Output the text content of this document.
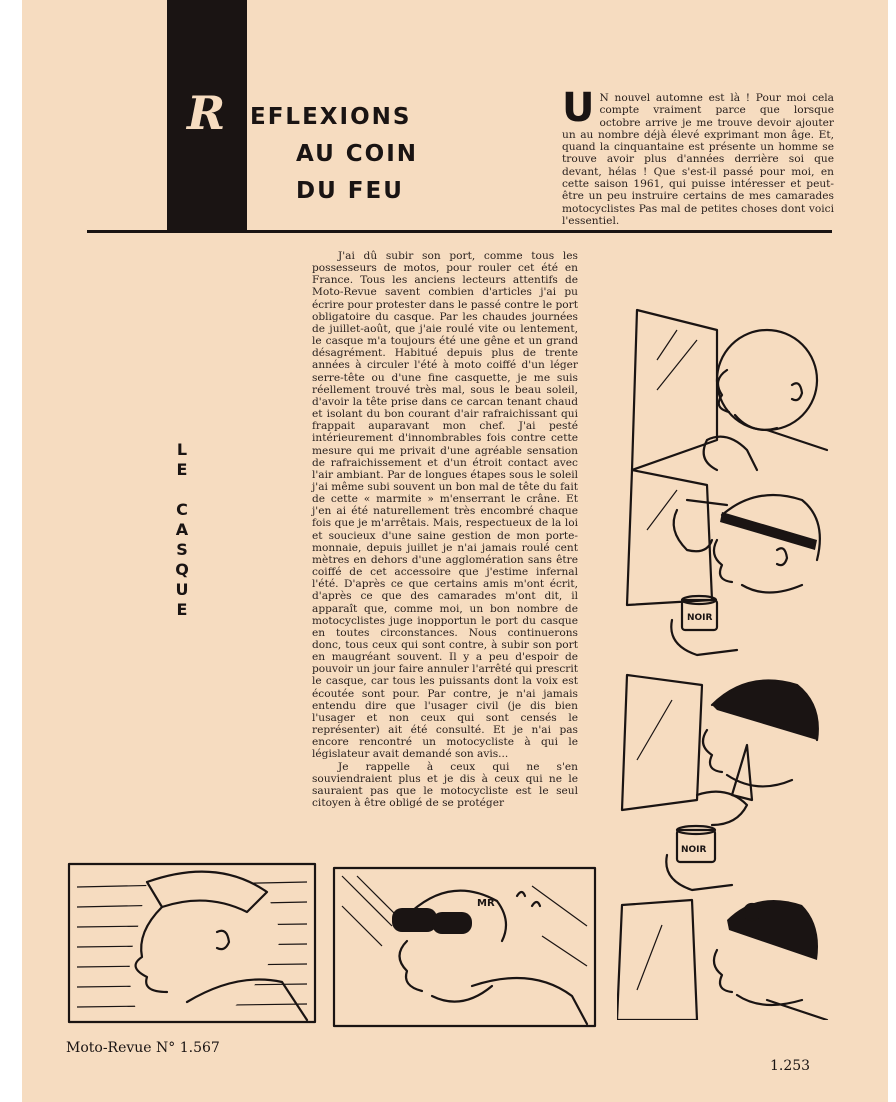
R EFLEXIONS
AU COIN
DU FEU
U N nouvel automne est là ! Pour moi cela compte vraiment parce que lorsque octobre arrive je me trouve devoir ajouter un au nombre déjà élevé exprimant mon âge. Et, quand la cinquantaine est présente un homme se trouve avoir plus d'années derrière soi que devant, hélas ! Que s'est-il passé pour moi, en cette saison 1961, qui puisse intéresser et peut-être un peu instruire certains de mes camarades motocyclistes Pas mal de petites choses dont voici l'essentiel.
L
E

C
A
S
Q
U
E
J'ai dû subir son port, comme tous les possesseurs de motos, pour rouler cet été en France. Tous les anciens lecteurs attentifs de Moto-Revue savent combien d'articles j'ai pu écrire pour protester dans le passé contre le port obligatoire du casque. Par les chaudes journées de juillet-août, que j'aie roulé vite ou lentement, le casque m'a toujours été une gêne et un grand désagrément. Habitué depuis plus de trente années à circuler l'été à moto coiffé d'un léger serre-tête ou d'une fine casquette, je me suis réellement trouvé très mal, sous le beau soleil, d'avoir la tête prise dans ce carcan tenant chaud et isolant du bon courant d'air rafraichissant qui frappait auparavant mon chef. J'ai pesté intérieurement d'innombrables fois contre cette mesure qui me privait d'une agréable sensation de rafraichissement et d'un étroit contact avec l'air ambiant. Par de longues étapes sous le soleil j'ai même subi souvent un bon mal de tête du fait de cette « marmite » m'enserrant le crâne. Et j'en ai été naturellement très encombré chaque fois que je m'arrêtais. Mais, respectueux de la loi et soucieux d'une saine gestion de mon porte-monnaie, depuis juillet je n'ai jamais roulé cent mètres en dehors d'une agglomération sans être coiffé de cet accessoire que j'estime infernal l'été. D'après ce que certains amis m'ont écrit, d'après ce que des camarades m'ont dit, il apparaît que, comme moi, un bon nombre de motocyclistes juge inopportun le port du casque en toutes circonstances. Nous continuerons donc, tous ceux qui sont contre, à subir son port en maugréant souvent. Il y a peu d'espoir de pouvoir un jour faire annuler l'arrêté qui prescrit le casque, car tous les puissants dont la voix est écoutée sont pour. Par contre, je n'ai jamais entendu dire que l'usager civil (je dis bien l'usager et non ceux qui sont censés le représenter) ait été consulté. Et je n'ai pas encore rencontré un motocycliste à qui le législateur avait demandé son avis...
Je rappelle à ceux qui ne s'en souviendraient plus et je dis à ceux qui ne le sauraient pas que le motocycliste est le seul citoyen à être obligé de se protéger
NOIR
NOIR
MR
Moto-Revue N° 1.567
1.253
